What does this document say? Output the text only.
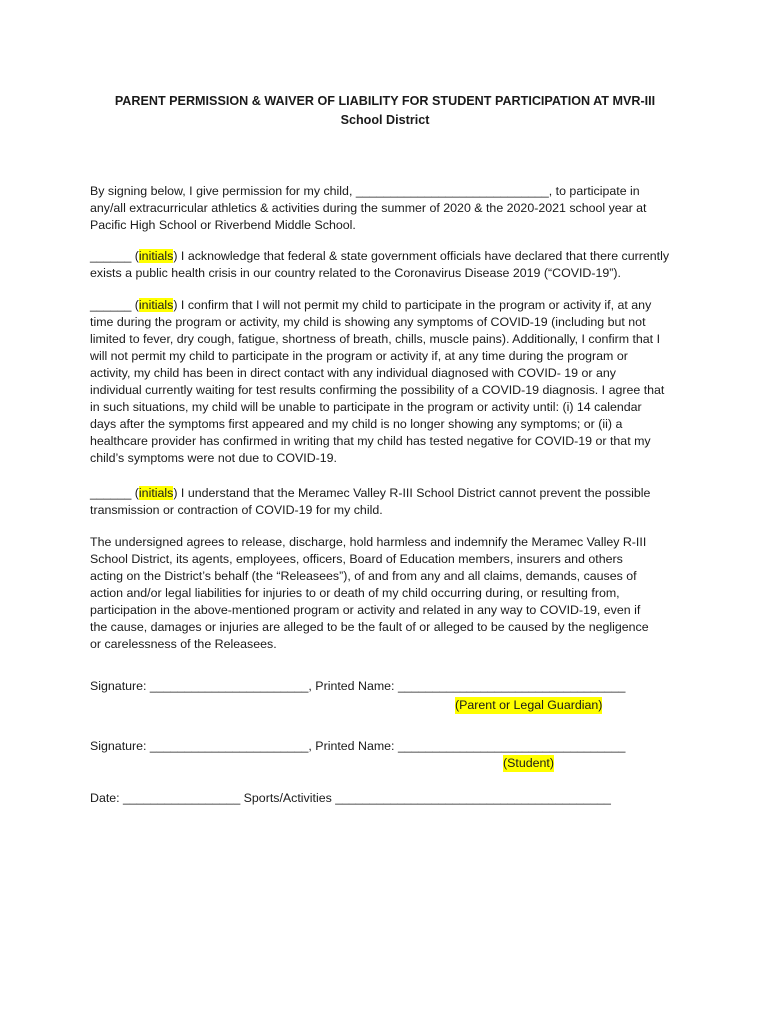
PARENT PERMISSION & WAIVER OF LIABILITY FOR STUDENT PARTICIPATION AT MVR-III
School District
By signing below, I give permission for my child, ____________________________, to participate in
any/all extracurricular athletics & activities during the summer of 2020 & the 2020-2021 school year at
Pacific High School or Riverbend Middle School.
______ (initials) I acknowledge that federal & state government officials have declared that there currently
exists a public health crisis in our country related to the Coronavirus Disease 2019 (“COVID-19”).
______ (initials) I confirm that I will not permit my child to participate in the program or activity if, at any
time during the program or activity, my child is showing any symptoms of COVID-19 (including but not
limited to fever, dry cough, fatigue, shortness of breath, chills, muscle pains). Additionally, I confirm that I
will not permit my child to participate in the program or activity if, at any time during the program or
activity, my child has been in direct contact with any individual diagnosed with COVID- 19 or any
individual currently waiting for test results confirming the possibility of a COVID-19 diagnosis. I agree that
in such situations, my child will be unable to participate in the program or activity until: (i) 14 calendar
days after the symptoms first appeared and my child is no longer showing any symptoms; or (ii) a
healthcare provider has confirmed in writing that my child has tested negative for COVID-19 or that my
child’s symptoms were not due to COVID-19.
______ (initials) I understand that the Meramec Valley R-III School District cannot prevent the possible
transmission or contraction of COVID-19 for my child.
The undersigned agrees to release, discharge, hold harmless and indemnify the Meramec Valley R-III
School District, its agents, employees, officers, Board of Education members, insurers and others
acting on the District’s behalf (the “Releasees”), of and from any and all claims, demands, causes of
action and/or legal liabilities for injuries to or death of my child occurring during, or resulting from,
participation in the above-mentioned program or activity and related in any way to COVID-19, even if
the cause, damages or injuries are alleged to be the fault of or alleged to be caused by the negligence
or carelessness of the Releasees.
Signature: _______________________, Printed Name: _________________________________
(Parent or Legal Guardian)
Signature: _______________________, Printed Name: _________________________________
(Student)
Date: _________________ Sports/Activities ________________________________________
